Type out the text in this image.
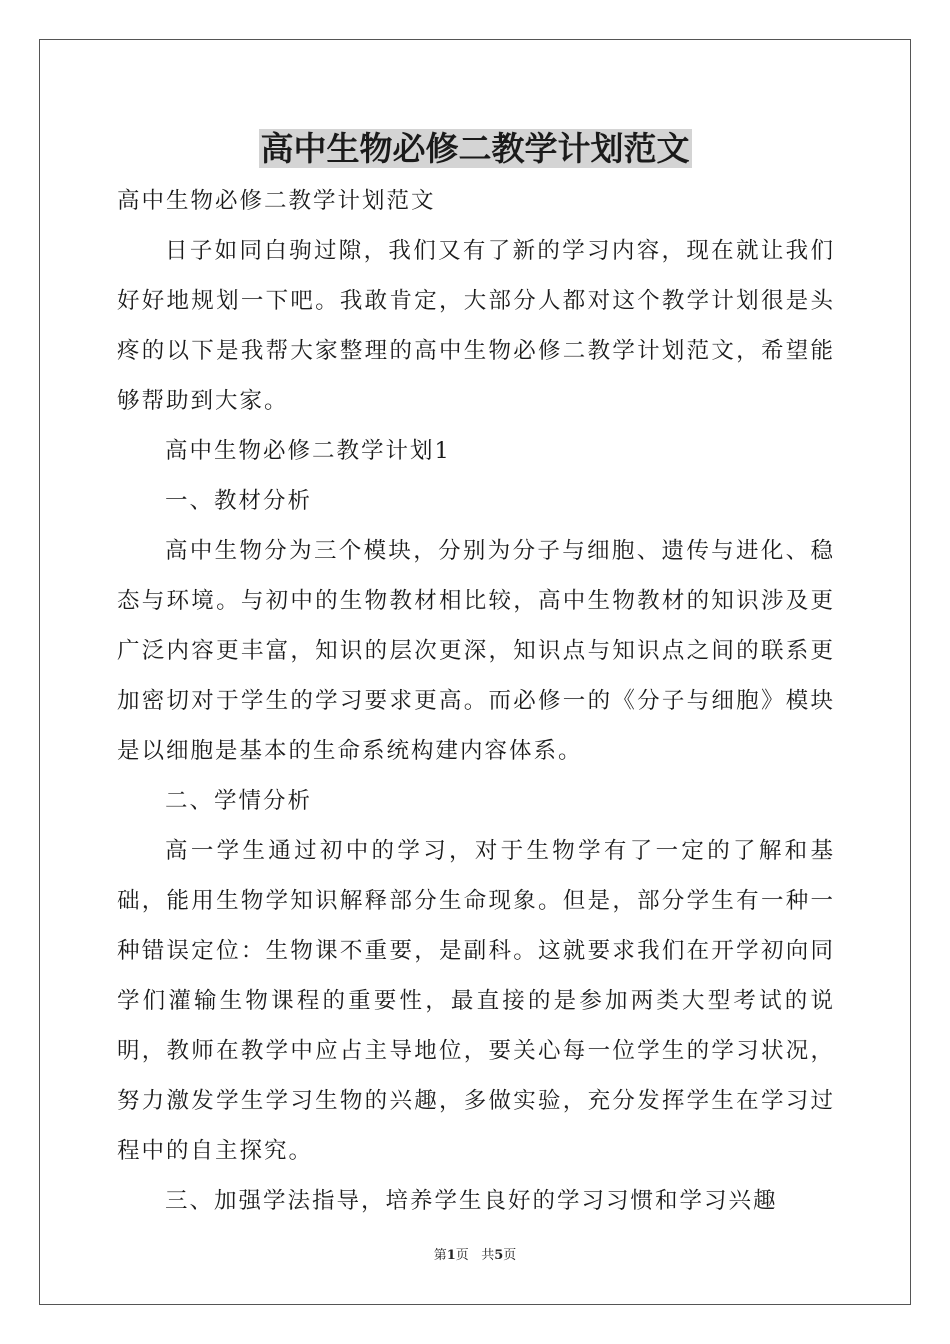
高中生物必修二教学计划范文

高中生物必修二教学计划范文

日子如同白驹过隙，我们又有了新的学习内容，现在就让我们好好地规划一下吧。我敢肯定，大部分人都对这个教学计划很是头疼的以下是我帮大家整理的高中生物必修二教学计划范文，希望能够帮助到大家。

高中生物必修二教学计划1

一、教材分析

高中生物分为三个模块，分别为分子与细胞、遗传与进化、稳态与环境。与初中的生物教材相比较，高中生物教材的知识涉及更广泛内容更丰富，知识的层次更深，知识点与知识点之间的联系更加密切对于学生的学习要求更高。而必修一的《分子与细胞》模块是以细胞是基本的生命系统构建内容体系。

二、学情分析

高一学生通过初中的学习，对于生物学有了一定的了解和基础，能用生物学知识解释部分生命现象。但是，部分学生有一种一种错误定位：生物课不重要，是副科。这就要求我们在开学初向同学们灌输生物课程的重要性，最直接的是参加两类大型考试的说明，教师在教学中应占主导地位，要关心每一位学生的学习状况，努力激发学生学习生物的兴趣，多做实验，充分发挥学生在学习过程中的自主探究。

三、加强学法指导，培养学生良好的学习习惯和学习兴趣

第1页 共5页
